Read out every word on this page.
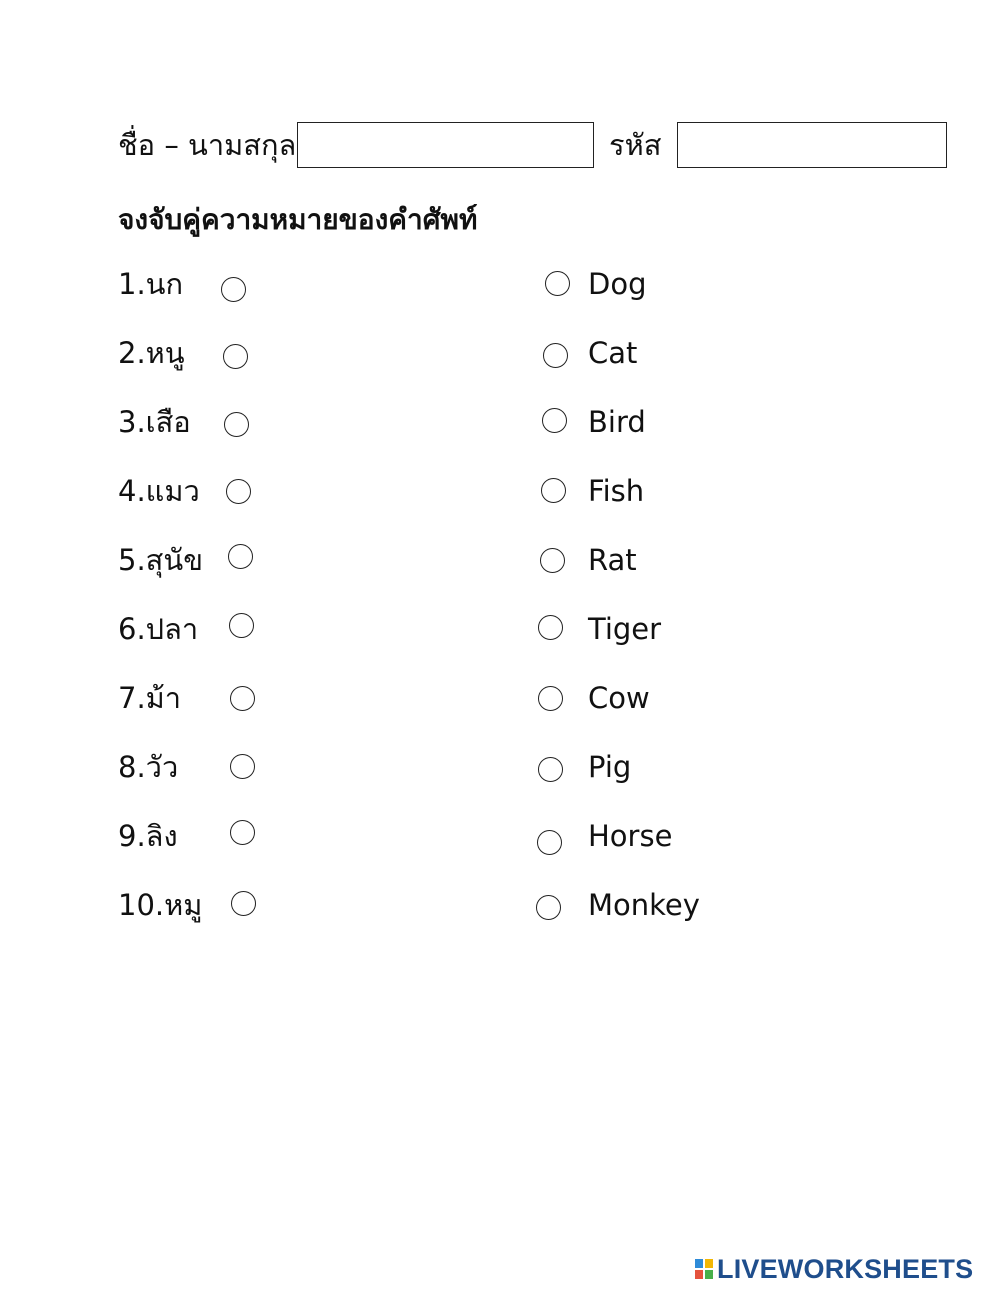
ชื่อ – นามสกุล	รหัส
จงจับคู่ความหมายของคำศัพท์
1.นก
2.หนู
3.เสือ
4.แมว
5.สุนัข
6.ปลา
7.ม้า
8.วัว
9.ลิง
10.หมู
Dog
Cat
Bird
Fish
Rat
Tiger
Cow
Pig
Horse
Monkey
LIVEWORKSHEETS
